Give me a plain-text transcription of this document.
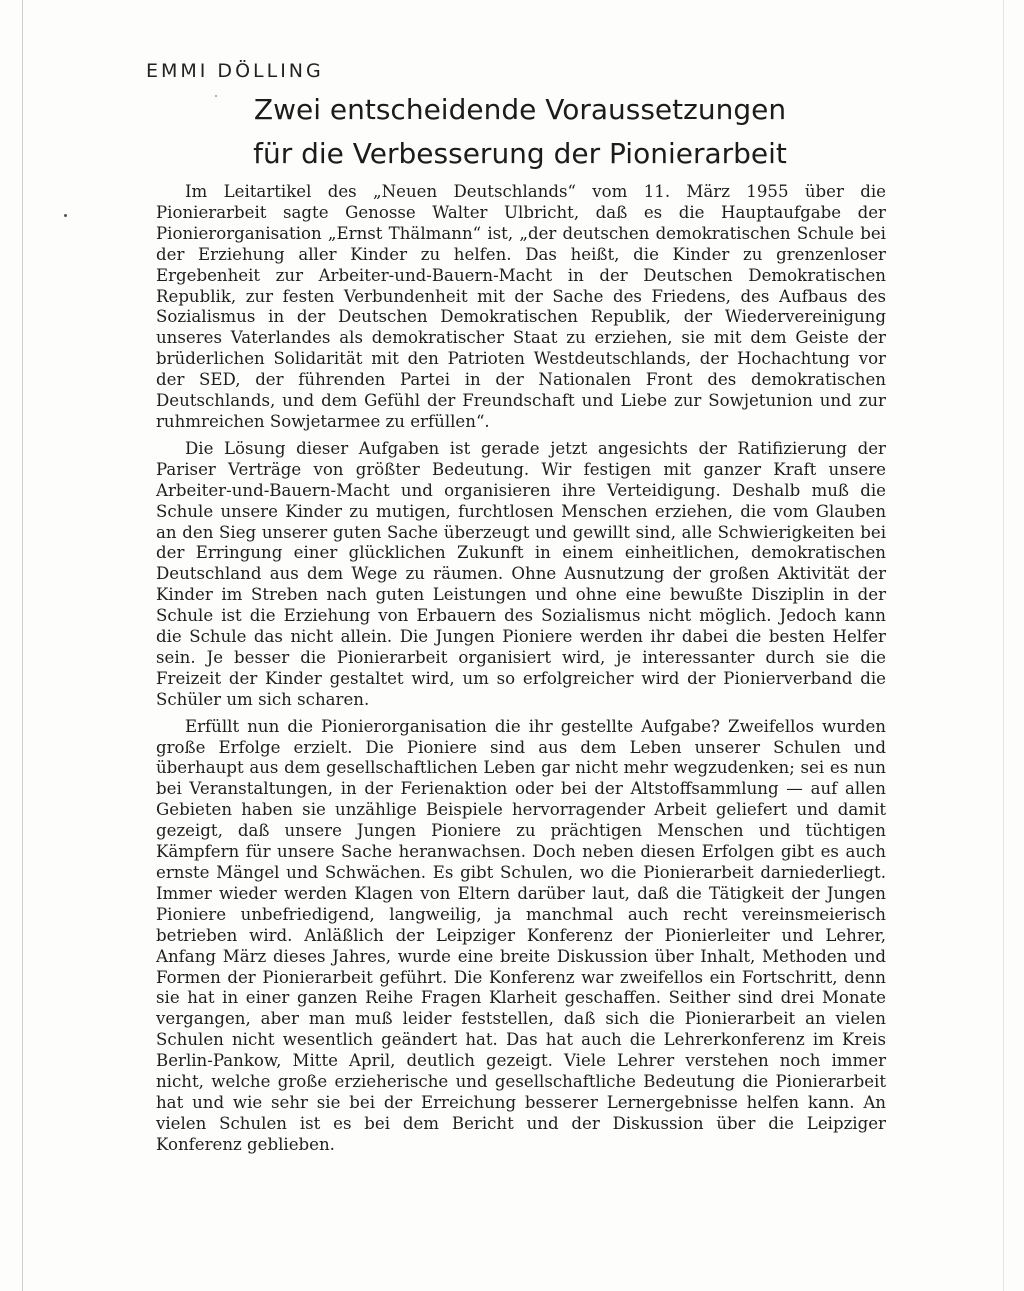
EMMI DÖLLING
Zwei entscheidende Voraussetzungen
für die Verbesserung der Pionierarbeit

Im Leitartikel des „Neuen Deutschlands“ vom 11. März 1955 über die Pionierarbeit sagte Genosse Walter Ulbricht, daß es die Hauptaufgabe der Pionierorganisation „Ernst Thälmann“ ist, „der deutschen demokratischen Schule bei der Erziehung aller Kinder zu helfen. Das heißt, die Kinder zu grenzenloser Ergebenheit zur Arbeiter-und-Bauern-Macht in der Deutschen Demokratischen Republik, zur festen Verbundenheit mit der Sache des Friedens, des Aufbaus des Sozialismus in der Deutschen Demokratischen Republik, der Wiedervereinigung unseres Vaterlandes als demokratischer Staat zu erziehen, sie mit dem Geiste der brüderlichen Solidarität mit den Patrioten Westdeutschlands, der Hochachtung vor der SED, der führenden Partei in der Nationalen Front des demokratischen Deutschlands, und dem Gefühl der Freundschaft und Liebe zur Sowjetunion und zur ruhmreichen Sowjetarmee zu erfüllen“.

Die Lösung dieser Aufgaben ist gerade jetzt angesichts der Ratifizierung der Pariser Verträge von größter Bedeutung. Wir festigen mit ganzer Kraft unsere Arbeiter-und-Bauern-Macht und organisieren ihre Verteidigung. Deshalb muß die Schule unsere Kinder zu mutigen, furchtlosen Menschen erziehen, die vom Glauben an den Sieg unserer guten Sache überzeugt und gewillt sind, alle Schwierigkeiten bei der Erringung einer glücklichen Zukunft in einem einheitlichen, demokratischen Deutschland aus dem Wege zu räumen. Ohne Ausnutzung der großen Aktivität der Kinder im Streben nach guten Leistungen und ohne eine bewußte Disziplin in der Schule ist die Erziehung von Erbauern des Sozialismus nicht möglich. Jedoch kann die Schule das nicht allein. Die Jungen Pioniere werden ihr dabei die besten Helfer sein. Je besser die Pionierarbeit organisiert wird, je interessanter durch sie die Freizeit der Kinder gestaltet wird, um so erfolgreicher wird der Pionierverband die Schüler um sich scharen.

Erfüllt nun die Pionierorganisation die ihr gestellte Aufgabe? Zweifellos wurden große Erfolge erzielt. Die Pioniere sind aus dem Leben unserer Schulen und überhaupt aus dem gesellschaftlichen Leben gar nicht mehr wegzudenken; sei es nun bei Veranstaltungen, in der Ferienaktion oder bei der Altstoffsammlung — auf allen Gebieten haben sie unzählige Beispiele hervorragender Arbeit geliefert und damit gezeigt, daß unsere Jungen Pioniere zu prächtigen Menschen und tüchtigen Kämpfern für unsere Sache heranwachsen. Doch neben diesen Erfolgen gibt es auch ernste Mängel und Schwächen. Es gibt Schulen, wo die Pionierarbeit darniederliegt. Immer wieder werden Klagen von Eltern darüber laut, daß die Tätigkeit der Jungen Pioniere unbefriedigend, langweilig, ja manchmal auch recht vereinsmeierisch betrieben wird. Anläßlich der Leipziger Konferenz der Pionierleiter und Lehrer, Anfang März dieses Jahres, wurde eine breite Diskussion über Inhalt, Methoden und Formen der Pionierarbeit geführt. Die Konferenz war zweifellos ein Fortschritt, denn sie hat in einer ganzen Reihe Fragen Klarheit geschaffen. Seither sind drei Monate vergangen, aber man muß leider feststellen, daß sich die Pionierarbeit an vielen Schulen nicht wesentlich geändert hat. Das hat auch die Lehrerkonferenz im Kreis Berlin-Pankow, Mitte April, deutlich gezeigt. Viele Lehrer verstehen noch immer nicht, welche große erzieherische und gesellschaftliche Bedeutung die Pionierarbeit hat und wie sehr sie bei der Erreichung besserer Lernergebnisse helfen kann. An vielen Schulen ist es bei dem Bericht und der Diskussion über die Leipziger Konferenz geblieben.
